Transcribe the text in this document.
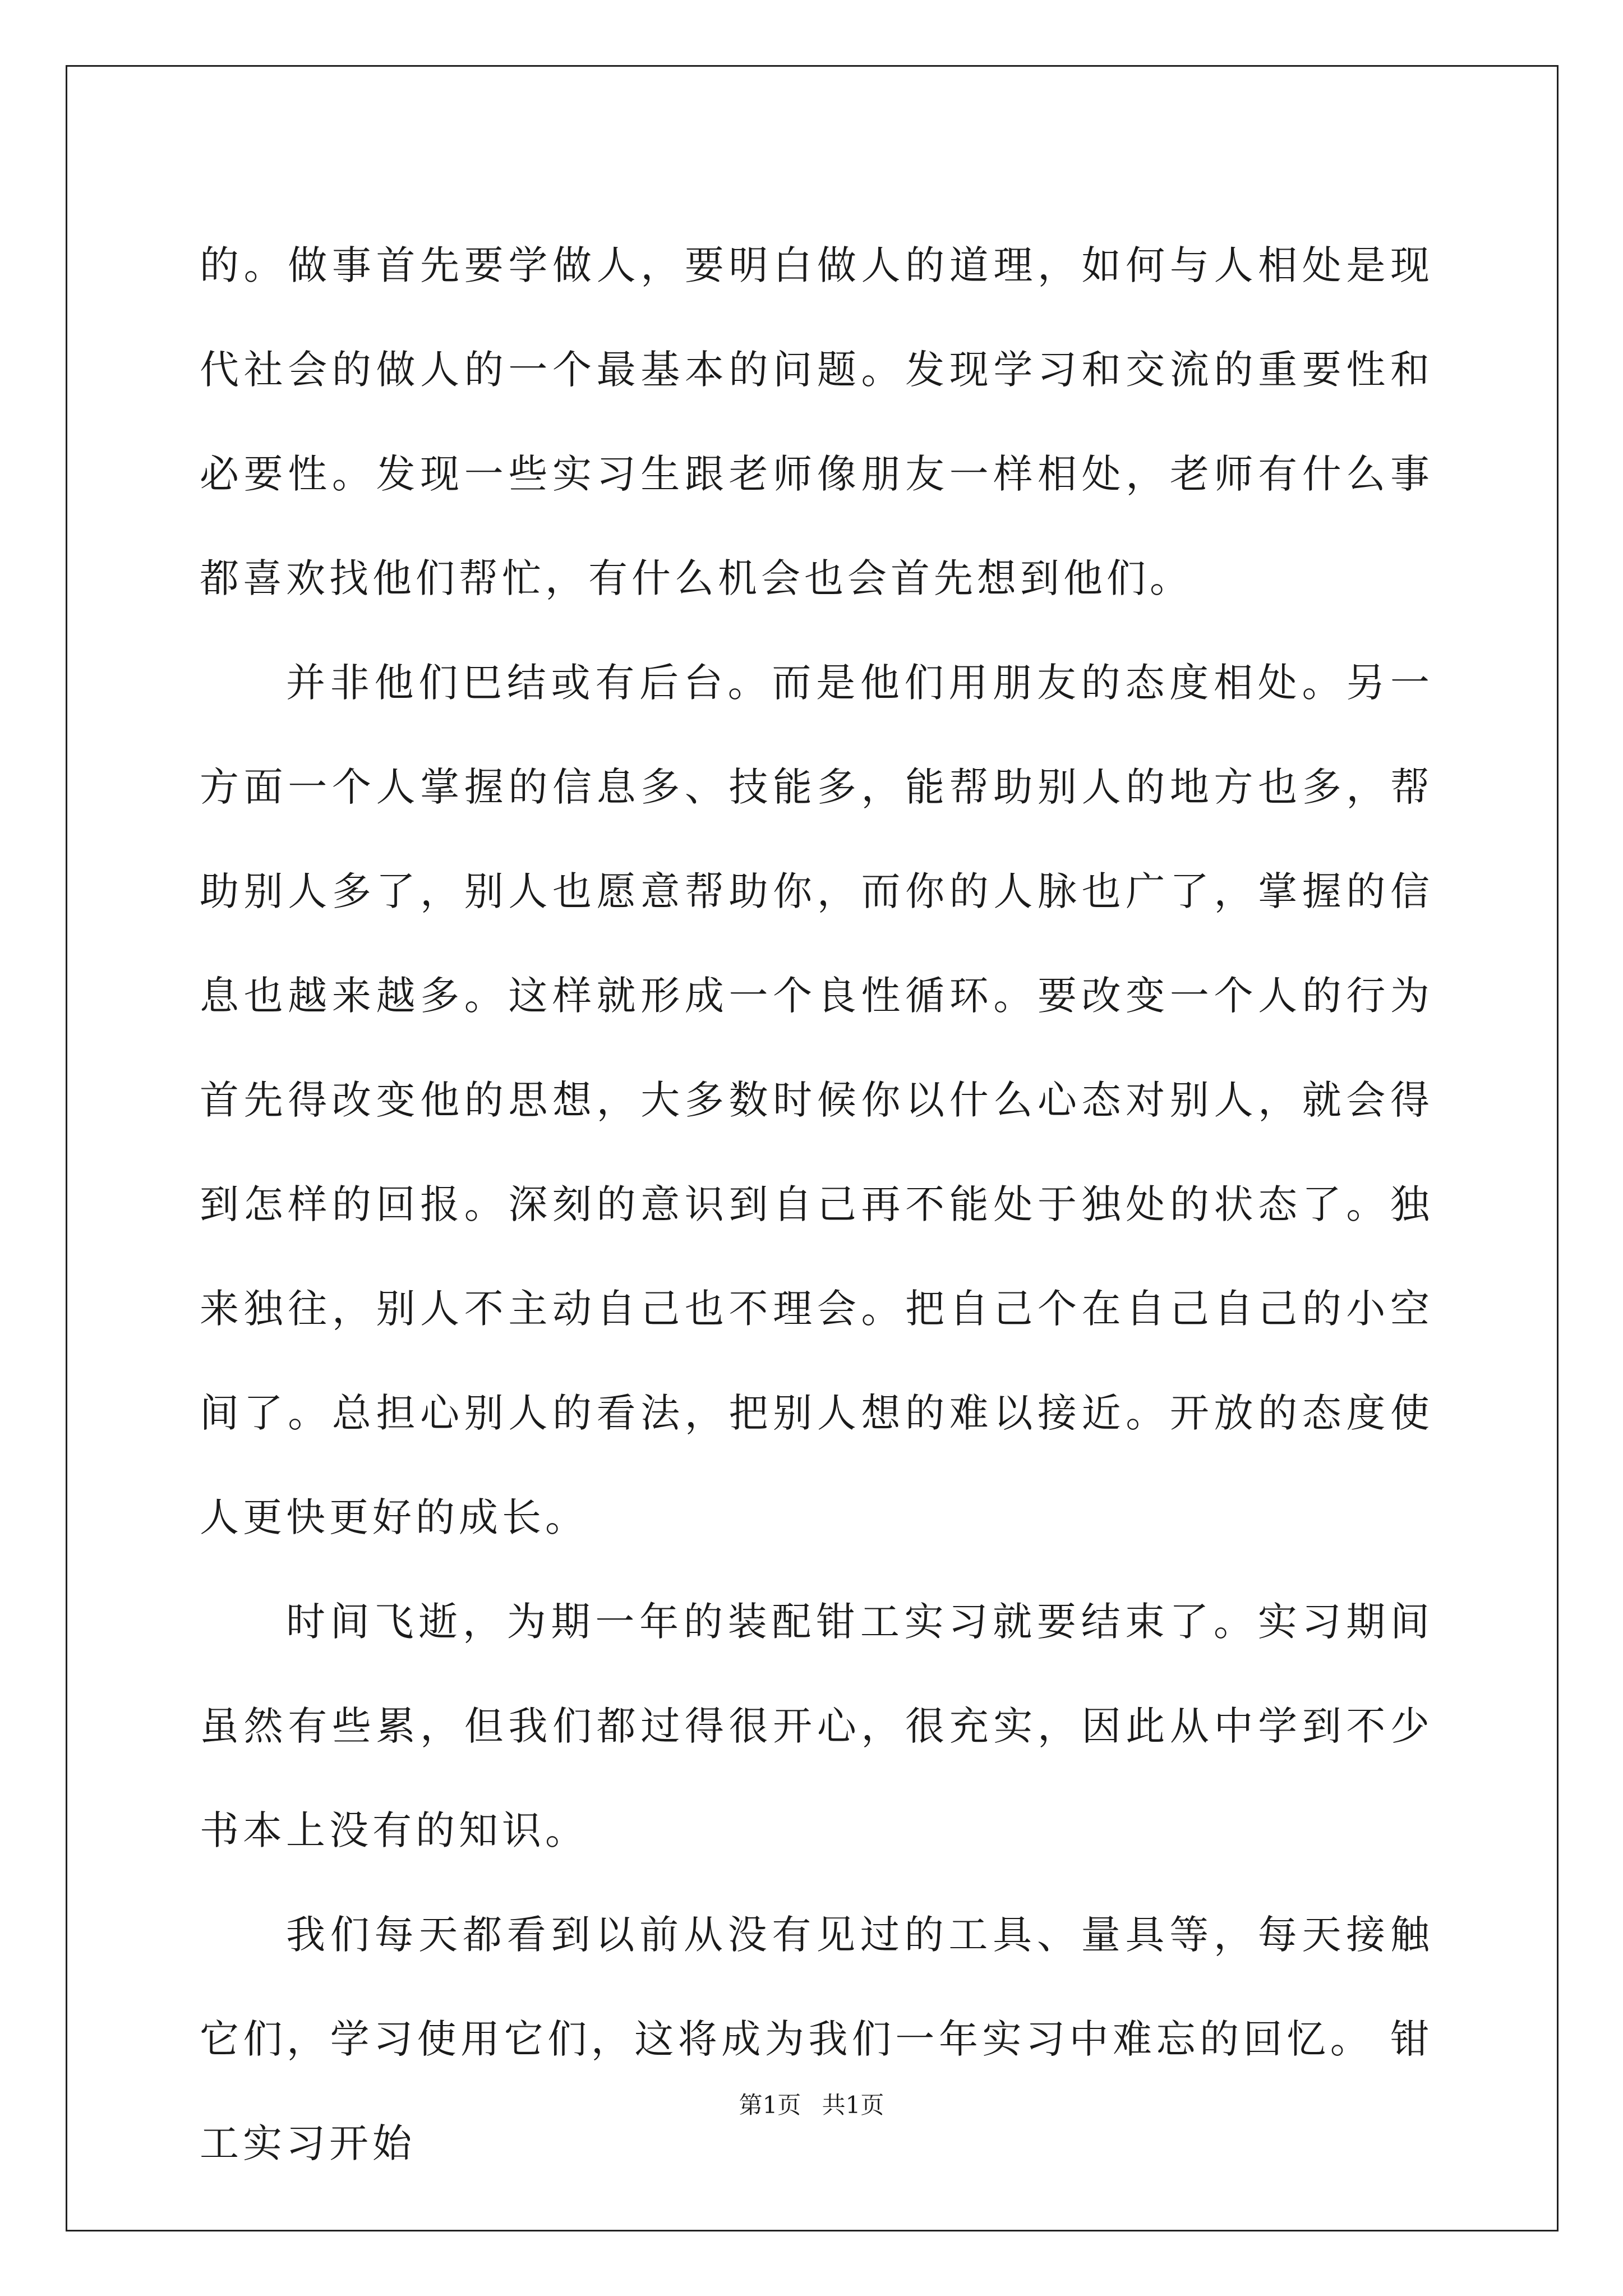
的。做事首先要学做人，要明白做人的道理，如何与人相处是现代社会的做人的一个最基本的问题。发现学习和交流的重要性和必要性。发现一些实习生跟老师像朋友一样相处，老师有什么事都喜欢找他们帮忙，有什么机会也会首先想到他们。

并非他们巴结或有后台。而是他们用朋友的态度相处。另一方面一个人掌握的信息多、技能多，能帮助别人的地方也多，帮助别人多了，别人也愿意帮助你，而你的人脉也广了，掌握的信息也越来越多。这样就形成一个良性循环。要改变一个人的行为首先得改变他的思想，大多数时候你以什么心态对别人，就会得到怎样的回报。深刻的意识到自己再不能处于独处的状态了。独来独往，别人不主动自己也不理会。把自己个在自己自己的小空间了。总担心别人的看法，把别人想的难以接近。开放的态度使人更快更好的成长。

时间飞逝，为期一年的装配钳工实习就要结束了。实习期间虽然有些累，但我们都过得很开心，很充实，因此从中学到不少书本上没有的知识。

我们每天都看到以前从没有见过的工具、量具等，每天接触它们，学习使用它们，这将成为我们一年实习中难忘的回忆。 钳工实习开始

第1页 共1页
